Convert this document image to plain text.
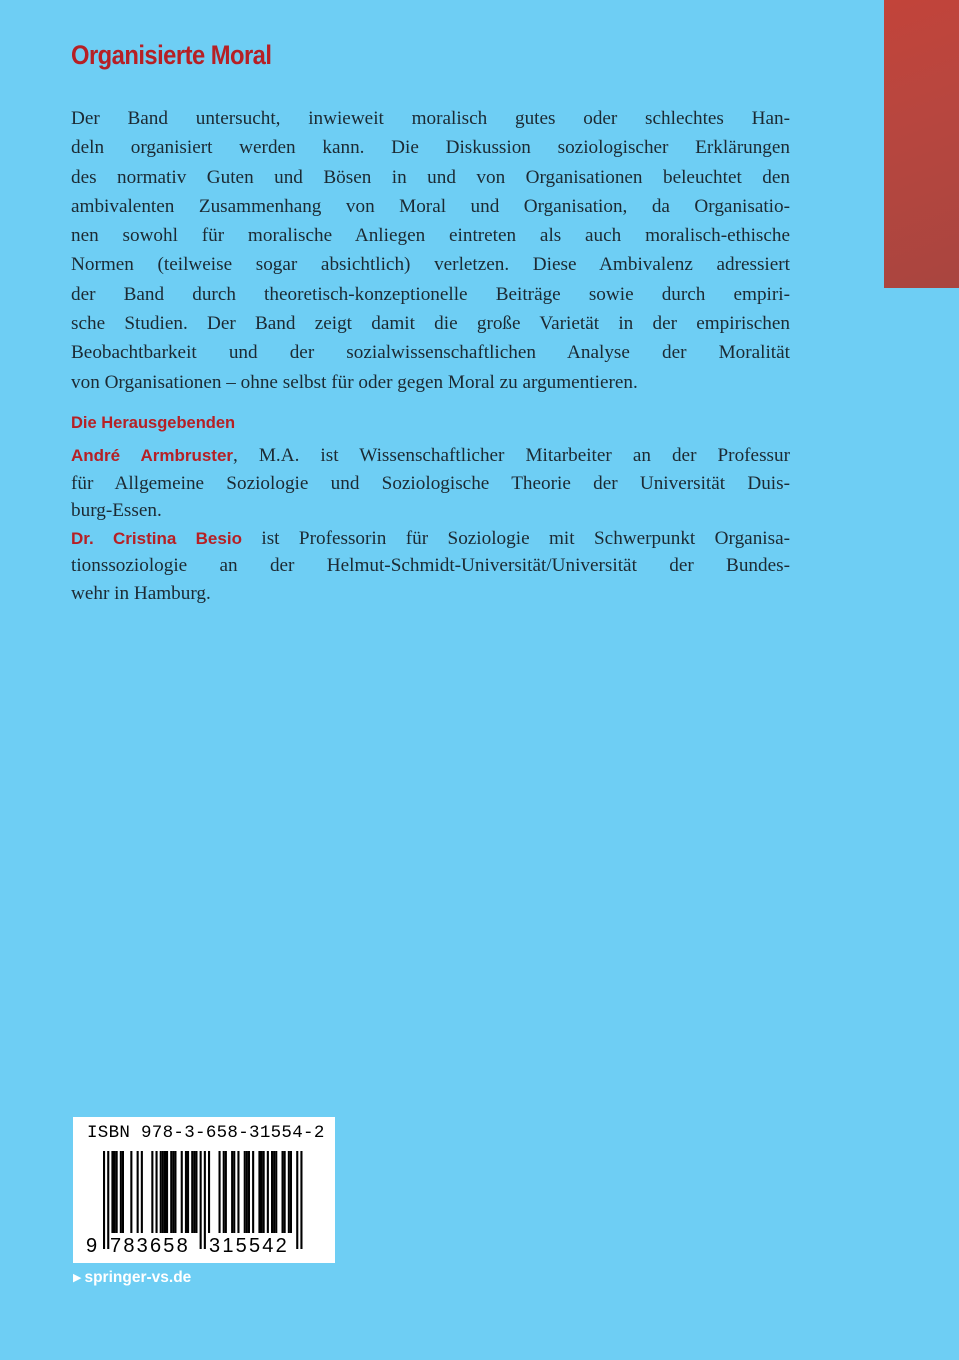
Organisierte Moral
Der Band untersucht, inwieweit moralisch gutes oder schlechtes Han-
deln organisiert werden kann. Die Diskussion soziologischer Erklärungen
des normativ Guten und Bösen in und von Organisationen beleuchtet den
ambivalenten Zusammenhang von Moral und Organisation, da Organisatio-
nen sowohl für moralische Anliegen eintreten als auch moralisch-ethische
Normen (teilweise sogar absichtlich) verletzen. Diese Ambivalenz adressiert
der Band durch theoretisch-konzeptionelle Beiträge sowie durch empiri-
sche Studien. Der Band zeigt damit die große Varietät in der empirischen
Beobachtbarkeit und der sozialwissenschaftlichen Analyse der Moralität
von Organisationen – ohne selbst für oder gegen Moral zu argumentieren.
Die Herausgebenden
André Armbruster, M.A. ist Wissenschaftlicher Mitarbeiter an der Professur
für Allgemeine Soziologie und Soziologische Theorie der Universität Duis-
burg-Essen.
Dr. Cristina Besio ist Professorin für Soziologie mit Schwerpunkt Organisa-
tionssoziologie an der Helmut-Schmidt-Universität/Universität der Bundes-
wehr in Hamburg.

ISBN 978-3-658-31554-2

9 783658 315542

▶ springer-vs.de
